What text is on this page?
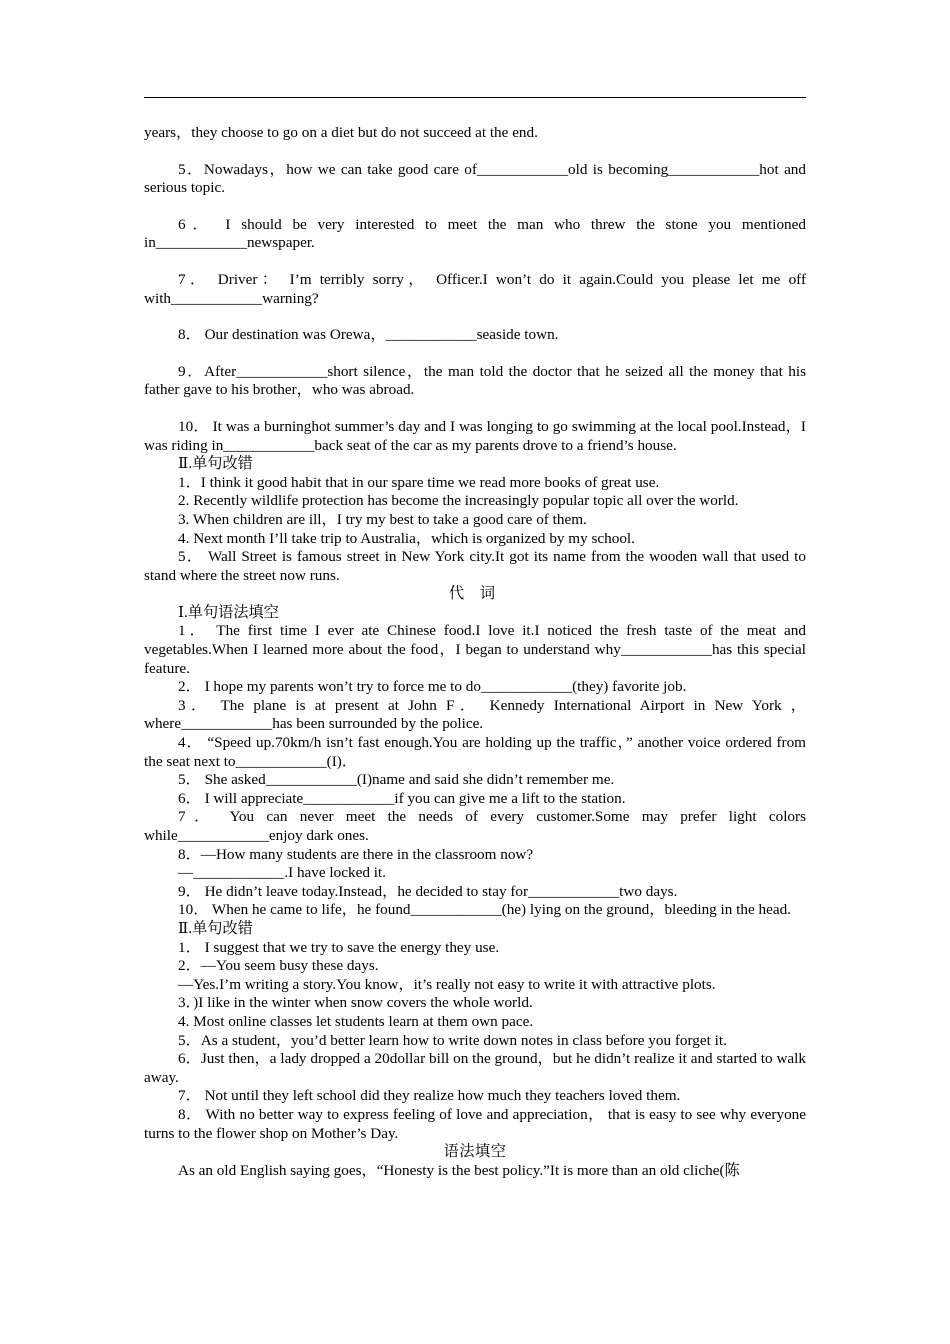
years，they choose to go on a diet but do not succeed at the end.

5．Nowadays，how we can take good care of____________old is becoming____________hot and serious topic.

6． I should be very interested to meet the man who threw the stone you mentioned in____________newspaper.

7． Driver： I’m terribly sorry， Officer.I won’t do it again.Could you please let me off with____________warning?

8． Our destination was Orewa，____________seaside town.

9．After____________short silence，the man told the doctor that he seized all the money that his father gave to his brother，who was abroad.

10． It was a burninghot summer’s day and I was longing to go swimming at the local pool.Instead，I was riding in____________back seat of the car as my parents drove to a friend’s house.

Ⅱ.单句改错

1．I think it good habit that in our spare time we read more books of great use.

2. Recently wildlife protection has become the increasingly popular topic all over the world.

3. When children are ill，I try my best to take a good care of them.

4. Next month I’ll take trip to Australia，which is organized by my school.

5． Wall Street is famous street in New York city.It got its name from the wooden wall that used to stand where the street now runs.

代 词

Ⅰ.单句语法填空

1． The first time I ever ate Chinese food.I love it.I noticed the fresh taste of the meat and vegetables.When I learned more about the food，I began to understand why____________has this special feature.

2． I hope my parents won’t try to force me to do____________(they) favorite job.

3． The plane is at present at John F． Kennedy International Airport in New York ，where____________has been surrounded by the police.

4． “Speed up.70km/h isn’t fast enough.You are holding up the traffic，” another voice ordered from the seat next to____________(I)．

5． She asked____________(I)name and said she didn’t remember me.

6． I will appreciate____________if you can give me a lift to the station.

7． You can never meet the needs of every customer.Some may prefer light colors while____________enjoy dark ones.

8．—How many students are there in the classroom now?

—____________.I have locked it.

9． He didn’t leave today.Instead，he decided to stay for____________two days.

10． When he came to life，he found____________(he) lying on the ground，bleeding in the head.

Ⅱ.单句改错

1． I suggest that we try to save the energy they use.

2．—You seem busy these days.

—Yes.I’m writing a story.You know，it’s really not easy to write it with attractive plots.

3．)I like in the winter when snow covers the whole world.

4. Most online classes let students learn at them own pace.

5．As a student，you’d better learn how to write down notes in class before you forget it.

6．Just then，a lady dropped a 20dollar bill on the ground，but he didn’t realize it and started to walk away.

7． Not until they left school did they realize how much they teachers loved them.

8． With no better way to express feeling of love and appreciation， that is easy to see why everyone turns to the flower shop on Mother’s Day.

语法填空

As an old English saying goes，“Honesty is the best policy.”It is more than an old cliche(陈
